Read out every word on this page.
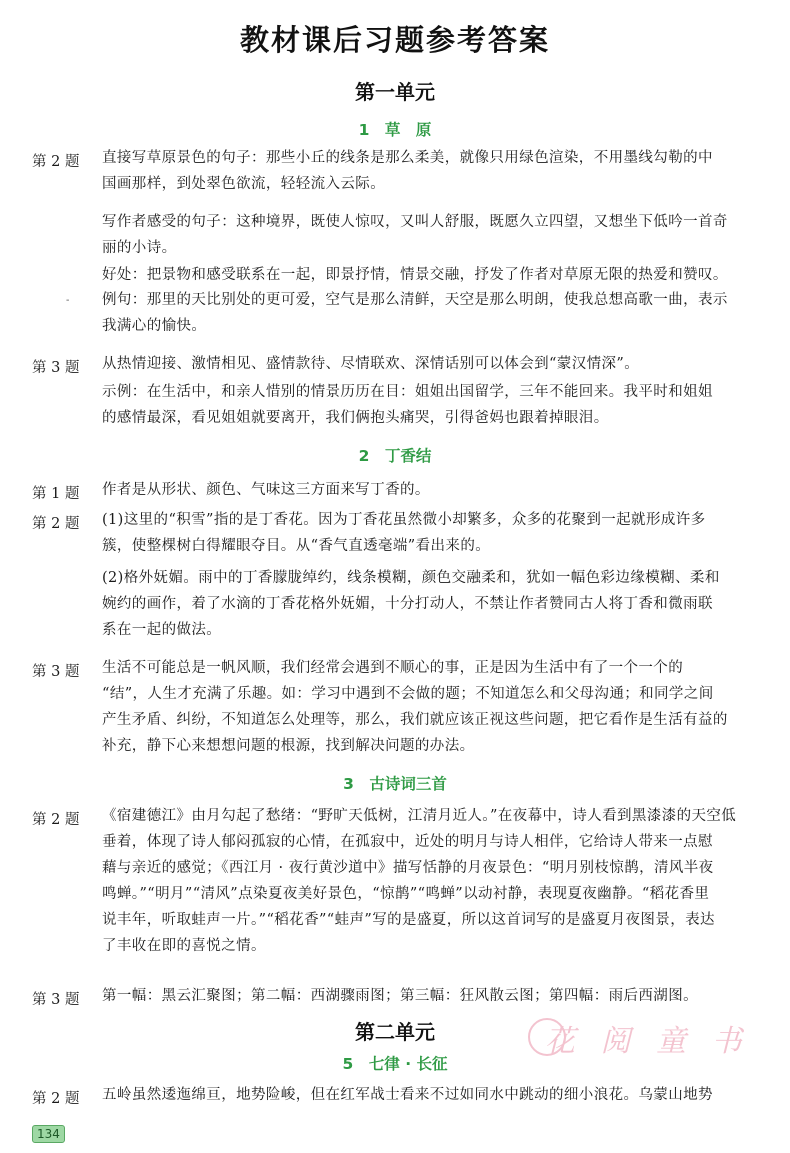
教材课后习题参考答案
第一单元
1　草　原
第 2 题 直接写草原景色的句子：那些小丘的线条是那么柔美，就像只用绿色渲染，不用墨线勾勒的中
国画那样，到处翠色欲流，轻轻流入云际。
写作者感受的句子：这种境界，既使人惊叹，又叫人舒服，既愿久立四望，又想坐下低吟一首奇
丽的小诗。
好处：把景物和感受联系在一起，即景抒情，情景交融，抒发了作者对草原无限的热爱和赞叹。
- 例句：那里的天比别处的更可爱，空气是那么清鲜，天空是那么明朗，使我总想高歌一曲，表示
我满心的愉快。
第 3 题 从热情迎接、激情相见、盛情款待、尽情联欢、深情话别可以体会到“蒙汉情深”。
示例：在生活中，和亲人惜别的情景历历在目：姐姐出国留学，三年不能回来。我平时和姐姐
的感情最深，看见姐姐就要离开，我们俩抱头痛哭，引得爸妈也跟着掉眼泪。
2　丁香结
第 1 题 作者是从形状、颜色、气味这三方面来写丁香的。
第 2 题 (1)这里的“积雪”指的是丁香花。因为丁香花虽然微小却繁多，众多的花聚到一起就形成许多
簇，使整棵树白得耀眼夺目。从“香气直透毫端”看出来的。
(2)格外妩媚。雨中的丁香朦胧绰约，线条模糊，颜色交融柔和，犹如一幅色彩边缘模糊、柔和
婉约的画作，着了水滴的丁香花格外妩媚，十分打动人，不禁让作者赞同古人将丁香和微雨联
系在一起的做法。
第 3 题 生活不可能总是一帆风顺，我们经常会遇到不顺心的事，正是因为生活中有了一个一个的
“结”，人生才充满了乐趣。如：学习中遇到不会做的题；不知道怎么和父母沟通；和同学之间
产生矛盾、纠纷，不知道怎么处理等，那么，我们就应该正视这些问题，把它看作是生活有益的
补充，静下心来想想问题的根源，找到解决问题的办法。
3　古诗词三首
第 2 题 《宿建德江》由月勾起了愁绪：“野旷天低树，江清月近人。”在夜幕中，诗人看到黑漆漆的天空低
垂着，体现了诗人郁闷孤寂的心情，在孤寂中，近处的明月与诗人相伴，它给诗人带来一点慰
藉与亲近的感觉；《西江月 · 夜行黄沙道中》描写恬静的月夜景色：“明月别枝惊鹊，清风半夜
鸣蝉。”“明月”“清风”点染夏夜美好景色，“惊鹊”“鸣蝉”以动衬静，表现夏夜幽静。“稻花香里
说丰年，听取蛙声一片。”“稻花香”“蛙声”写的是盛夏，所以这首词写的是盛夏月夜图景，表达
了丰收在即的喜悦之情。
第 3 题 第一幅：黑云汇聚图；第二幅：西湖骤雨图；第三幅：狂风散云图；第四幅：雨后西湖图。
第二单元	花 阅 童 书
5　七律 · 长征
第 2 题 五岭虽然逶迤绵亘，地势险峻，但在红军战士看来不过如同水中跳动的细小浪花。乌蒙山地势
134
